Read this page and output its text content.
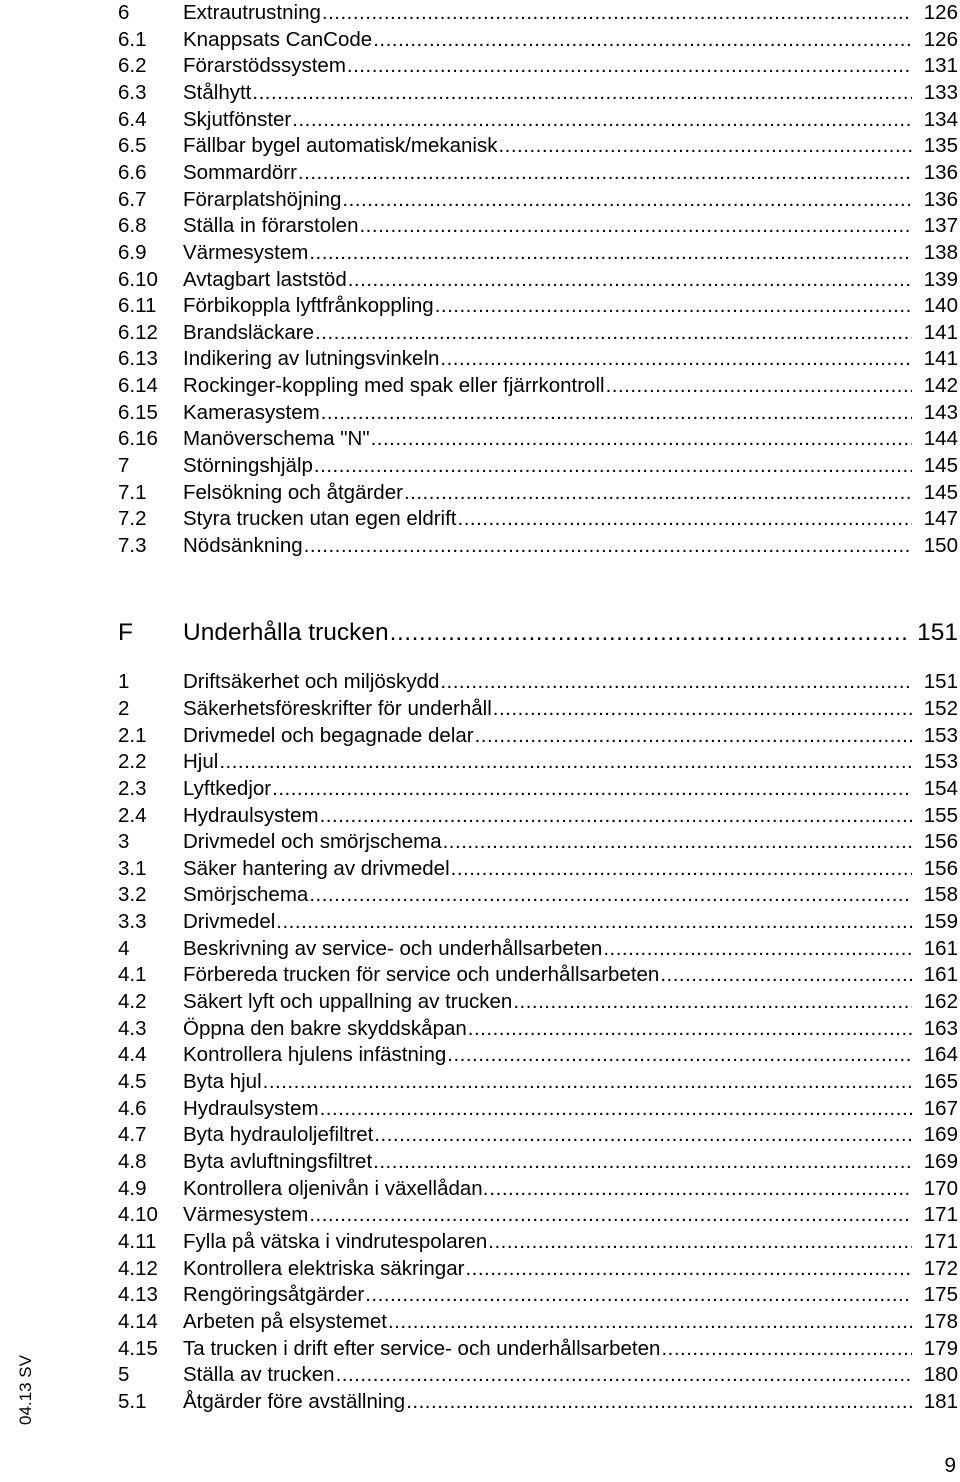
6	Extrautrustning .....	126
6.1	Knappsats CanCode .....	126
6.2	Förarstödssystem .....	131
6.3	Stålhytt .....	133
6.4	Skjutfönster .....	134
6.5	Fällbar bygel automatisk/mekanisk .....	135
6.6	Sommardörr .....	136
6.7	Förarplatshöjning .....	136
6.8	Ställa in förarstolen .....	137
6.9	Värmesystem .....	138
6.10	Avtagbart laststöd .....	139
6.11	Förbikoppla lyftfrånkoppling .....	140
6.12	Brandsläckare .....	141
6.13	Indikering av lutningsvinkeln .....	141
6.14	Rockinger-koppling med spak eller fjärrkontroll .....	142
6.15	Kamerasystem .....	143
6.16	Manöverschema "N" .....	144
7	Störningshjälp .....	145
7.1	Felsökning och åtgärder .....	145
7.2	Styra trucken utan egen eldrift .....	147
7.3	Nödsänkning .....	150
F	Underhålla trucken .....	151
1	Driftsäkerhet och miljöskydd .....	151
2	Säkerhetsföreskrifter för underhåll .....	152
2.1	Drivmedel och begagnade delar .....	153
2.2	Hjul .....	153
2.3	Lyftkedjor .....	154
2.4	Hydraulsystem .....	155
3	Drivmedel och smörjschema .....	156
3.1	Säker hantering av drivmedel .....	156
3.2	Smörjschema .....	158
3.3	Drivmedel .....	159
4	Beskrivning av service- och underhållsarbeten .....	161
4.1	Förbereda trucken för service och underhållsarbeten .....	161
4.2	Säkert lyft och uppallning av trucken .....	162
4.3	Öppna den bakre skyddskåpan .....	163
4.4	Kontrollera hjulens infästning .....	164
4.5	Byta hjul .....	165
4.6	Hydraulsystem .....	167
4.7	Byta hydrauloljefiltret .....	169
4.8	Byta avluftningsfiltret .....	169
4.9	Kontrollera oljenivån i växellådan. .....	170
4.10	Värmesystem .....	171
4.11	Fylla på vätska i vindrutespolaren .....	171
4.12	Kontrollera elektriska säkringar .....	172
4.13	Rengöringsåtgärder .....	175
4.14	Arbeten på elsystemet .....	178
4.15	Ta trucken i drift efter service- och underhållsarbeten .....	179
5	Ställa av trucken .....	180
5.1	Åtgärder före avställning .....	181
04.13 SV
9
